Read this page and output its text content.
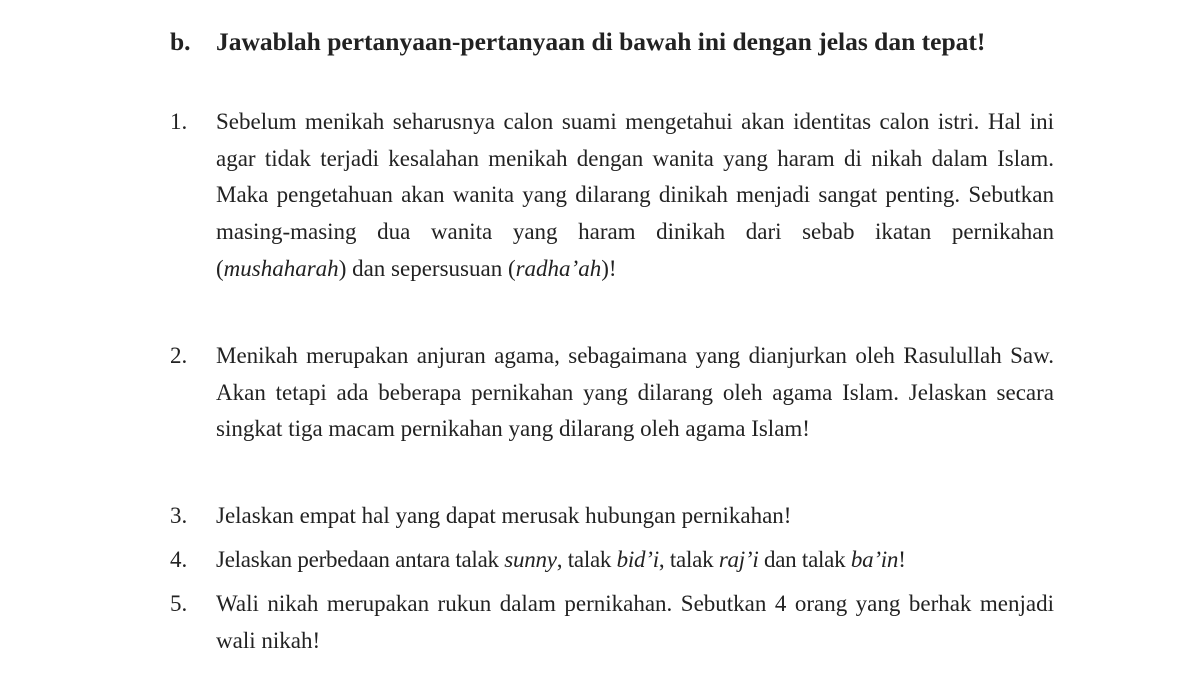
b. Jawablah pertanyaan-pertanyaan di bawah ini dengan jelas dan tepat!
1. Sebelum menikah seharusnya calon suami mengetahui akan identitas calon istri. Hal ini agar tidak terjadi kesalahan menikah dengan wanita yang haram di nikah dalam Islam. Maka pengetahuan akan wanita yang dilarang dinikah menjadi sangat penting. Sebutkan masing-masing dua wanita yang haram dinikah dari sebab ikatan pernikahan (mushaharah) dan sepersusuan (radha’ah)!
2. Menikah merupakan anjuran agama, sebagaimana yang dianjurkan oleh Rasulullah Saw. Akan tetapi ada beberapa pernikahan yang dilarang oleh agama Islam. Jelaskan secara singkat tiga macam pernikahan yang dilarang oleh agama Islam!
3. Jelaskan empat hal yang dapat merusak hubungan pernikahan!
4. Jelaskan perbedaan antara talak sunny, talak bid’i, talak raj’i dan talak ba’in!
5. Wali nikah merupakan rukun dalam pernikahan. Sebutkan 4 orang yang berhak menjadi wali nikah!
